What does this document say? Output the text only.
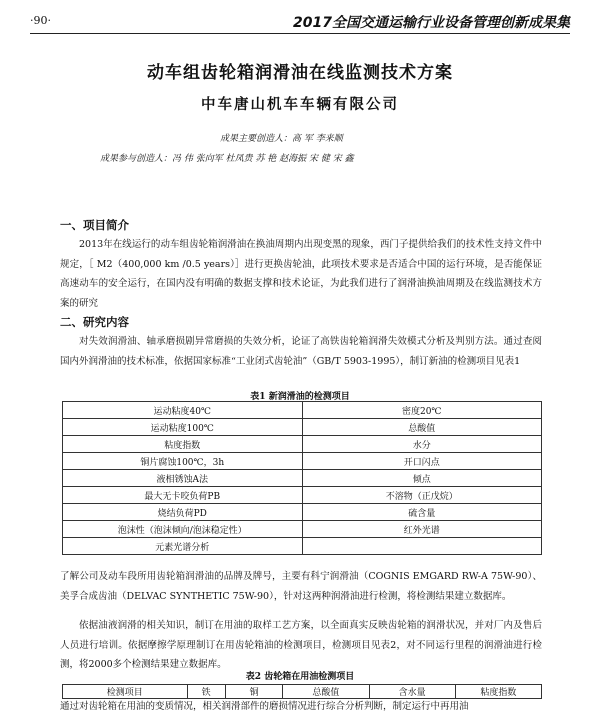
·90·	2017全国交通运输行业设备管理创新成果集
动车组齿轮箱润滑油在线监测技术方案
中车唐山机车车辆有限公司
成果主要创造人：高 军 李来顺
成果参与创造人：冯 伟 张向军 杜凤贵 苏 艳 赵海振 宋 健 宋 鑫
一、项目简介

2013年在线运行的动车组齿轮箱润滑油在换油周期内出现变黑的现象，西门子提供给我们的技术性支持文件中规定，［ M2（400,000 km /0.5 years）］进行更换齿轮油，此项技术要求是否适合中国的运行环境，是否能保证高速动车的安全运行，在国内没有明确的数据支撑和技术论证，为此我们进行了润滑油换油周期及在线监测技术方案的研究

二、研究内容

对失效润滑油、轴承磨损剧异常磨损的失效分析，论证了高铁齿轮箱润滑失效模式分析及判别方法。通过查阅国内外润滑油的技术标准，依据国家标准“工业闭式齿轮油”（GB/T 5903-1995），制订新油的检测项目见表1

表1 新润滑油的检测项目
运动粘度40℃	密度20℃
运动粘度100℃	总酸值
粘度指数	水分
铜片腐蚀100℃，3h	开口闪点
液相锈蚀A法	倾点
最大无卡咬负荷PB	不溶物（正戊烷）
烧结负荷PD	硫含量
泡沫性（泡沫倾向/泡沫稳定性）	红外光谱
元素光谱分析	

了解公司及动车段所用齿轮箱润滑油的品牌及牌号，主要有科宁润滑油（COGNIS EMGARD RW-A 75W-90）、美孚合成齿油（DELVAC SYNTHETIC 75W-90），针对这两种润滑油进行检测，将检测结果建立数据库。

依据油液润滑的相关知识，制订在用油的取样工艺方案，以全面真实反映齿轮箱的润滑状况，并对厂内及售后人员进行培训。依据摩擦学原理制订在用齿轮箱油的检测项目，检测项目见表2，对不同运行里程的润滑油进行检测，将2000多个检测结果建立数据库。

表2 齿轮箱在用油检测项目
检测项目	铁	铜	总酸值	含水量	粘度指数

通过对齿轮箱在用油的变质情况，相关润滑部件的磨损情况进行综合分析判断，制定运行中再用油
